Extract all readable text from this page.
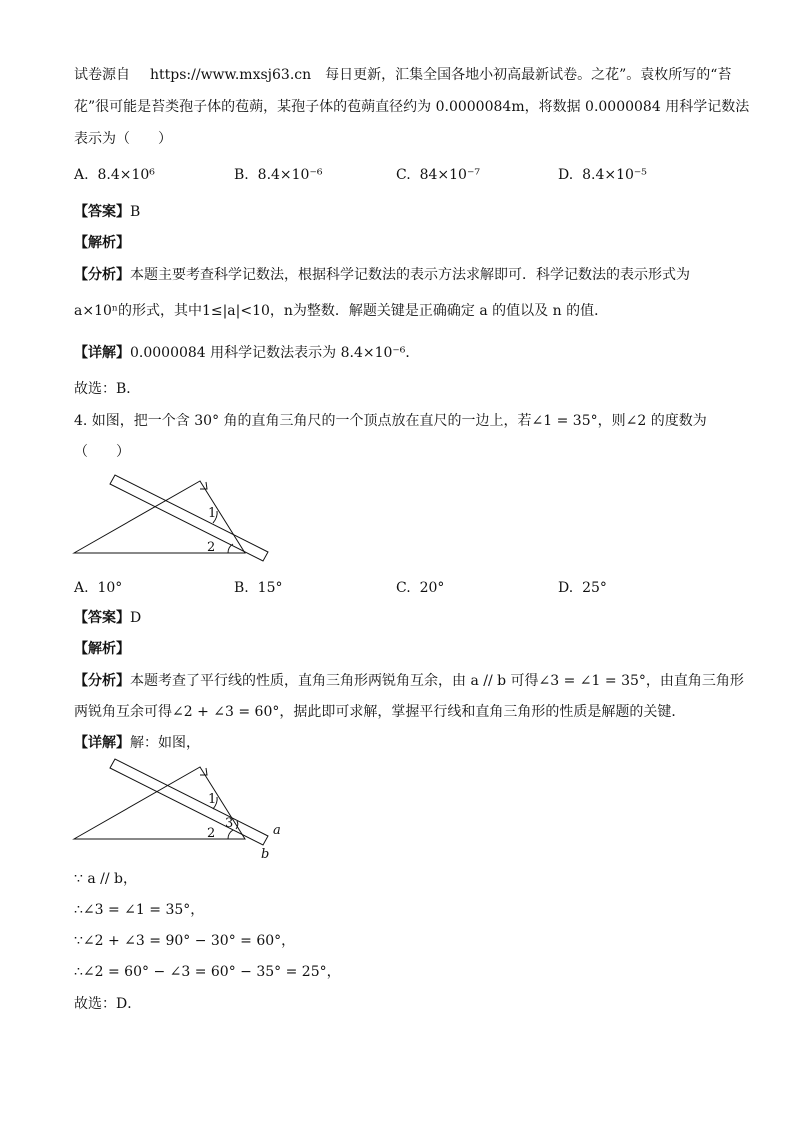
试卷源自 https://www.mxsj63.cn 每日更新，汇集全国各地小初高最新试卷。之花”。袁枚所写的“苔
花”很可能是苔类孢子体的苞蒴，某孢子体的苞蒴直径约为 0.0000084m，将数据 0.0000084 用科学记数法
表示为（　　）
A. 8.4×10⁶	B. 8.4×10⁻⁶	C. 84×10⁻⁷	D. 8.4×10⁻⁵
【答案】B
【解析】
【分析】本题主要考查科学记数法，根据科学记数法的表示方法求解即可．科学记数法的表示形式为
a×10ⁿ的形式，其中1≤|a|<10，n为整数．解题关键是正确确定 a 的值以及 n 的值．
【详解】0.0000084 用科学记数法表示为 8.4×10⁻⁶．
故选：B．
4. 如图，把一个含 30° 角的直角三角尺的一个顶点放在直尺的一边上，若∠1 = 35°，则∠2 的度数为
（　　）
1
2
A. 10°	B. 15°	C. 20°	D. 25°
【答案】D
【解析】
【分析】本题考查了平行线的性质，直角三角形两锐角互余，由 a // b 可得∠3 = ∠1 = 35°，由直角三角形
两锐角互余可得∠2 + ∠3 = 60°，据此即可求解，掌握平行线和直角三角形的性质是解题的关键．
【详解】解：如图，
1
2
3	a
b
∵ a // b，
∴∠3 = ∠1 = 35°，
∵∠2 + ∠3 = 90° − 30° = 60°，
∴∠2 = 60° − ∠3 = 60° − 35° = 25°，
故选：D．
